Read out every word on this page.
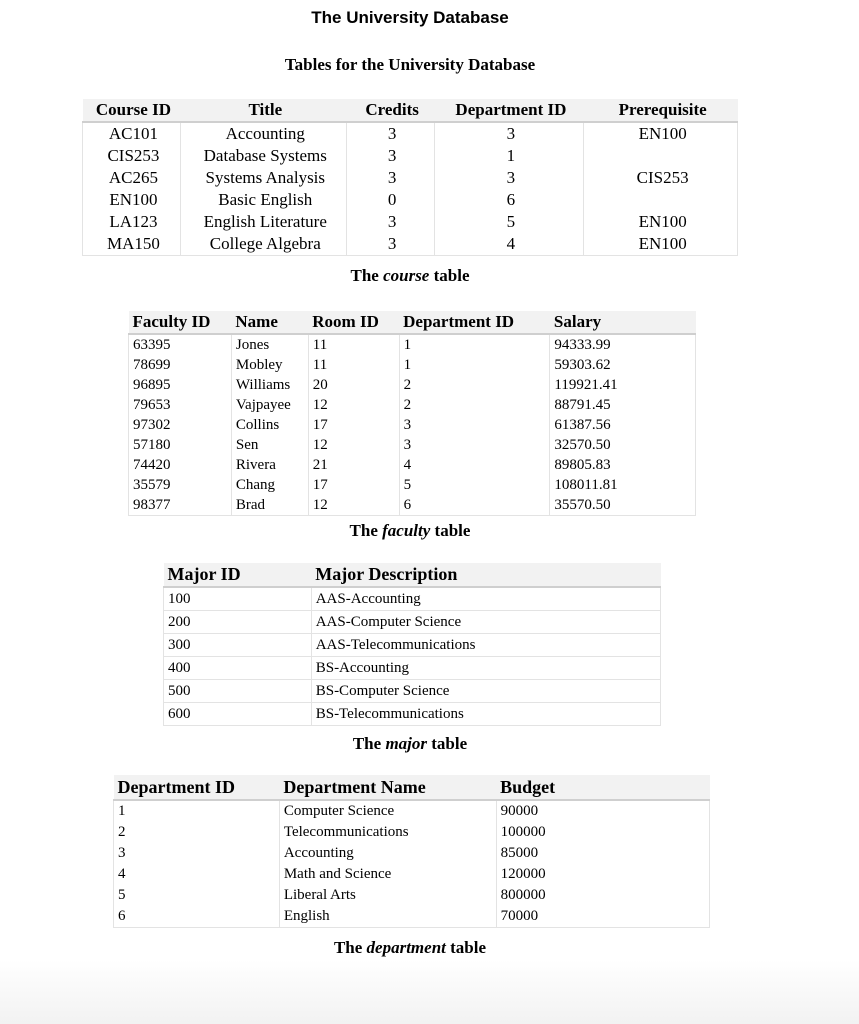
The University Database
Tables for the University Database
Course ID	Title	Credits	Department ID	Prerequisite
AC101	Accounting	3	3	EN100
CIS253	Database Systems	3	1	
AC265	Systems Analysis	3	3	CIS253
EN100	Basic English	0	6	
LA123	English Literature	3	5	EN100
MA150	College Algebra	3	4	EN100
The course table
Faculty ID	Name	Room ID	Department ID	Salary
63395	Jones	11	1	94333.99
78699	Mobley	11	1	59303.62
96895	Williams	20	2	119921.41
79653	Vajpayee	12	2	88791.45
97302	Collins	17	3	61387.56
57180	Sen	12	3	32570.50
74420	Rivera	21	4	89805.83
35579	Chang	17	5	108011.81
98377	Brad	12	6	35570.50
The faculty table
Major ID	Major Description
100	AAS-Accounting
200	AAS-Computer Science
300	AAS-Telecommunications
400	BS-Accounting
500	BS-Computer Science
600	BS-Telecommunications
The major table
Department ID	Department Name	Budget
1	Computer Science	90000
2	Telecommunications	100000
3	Accounting	85000
4	Math and Science	120000
5	Liberal Arts	800000
6	English	70000
The department table
